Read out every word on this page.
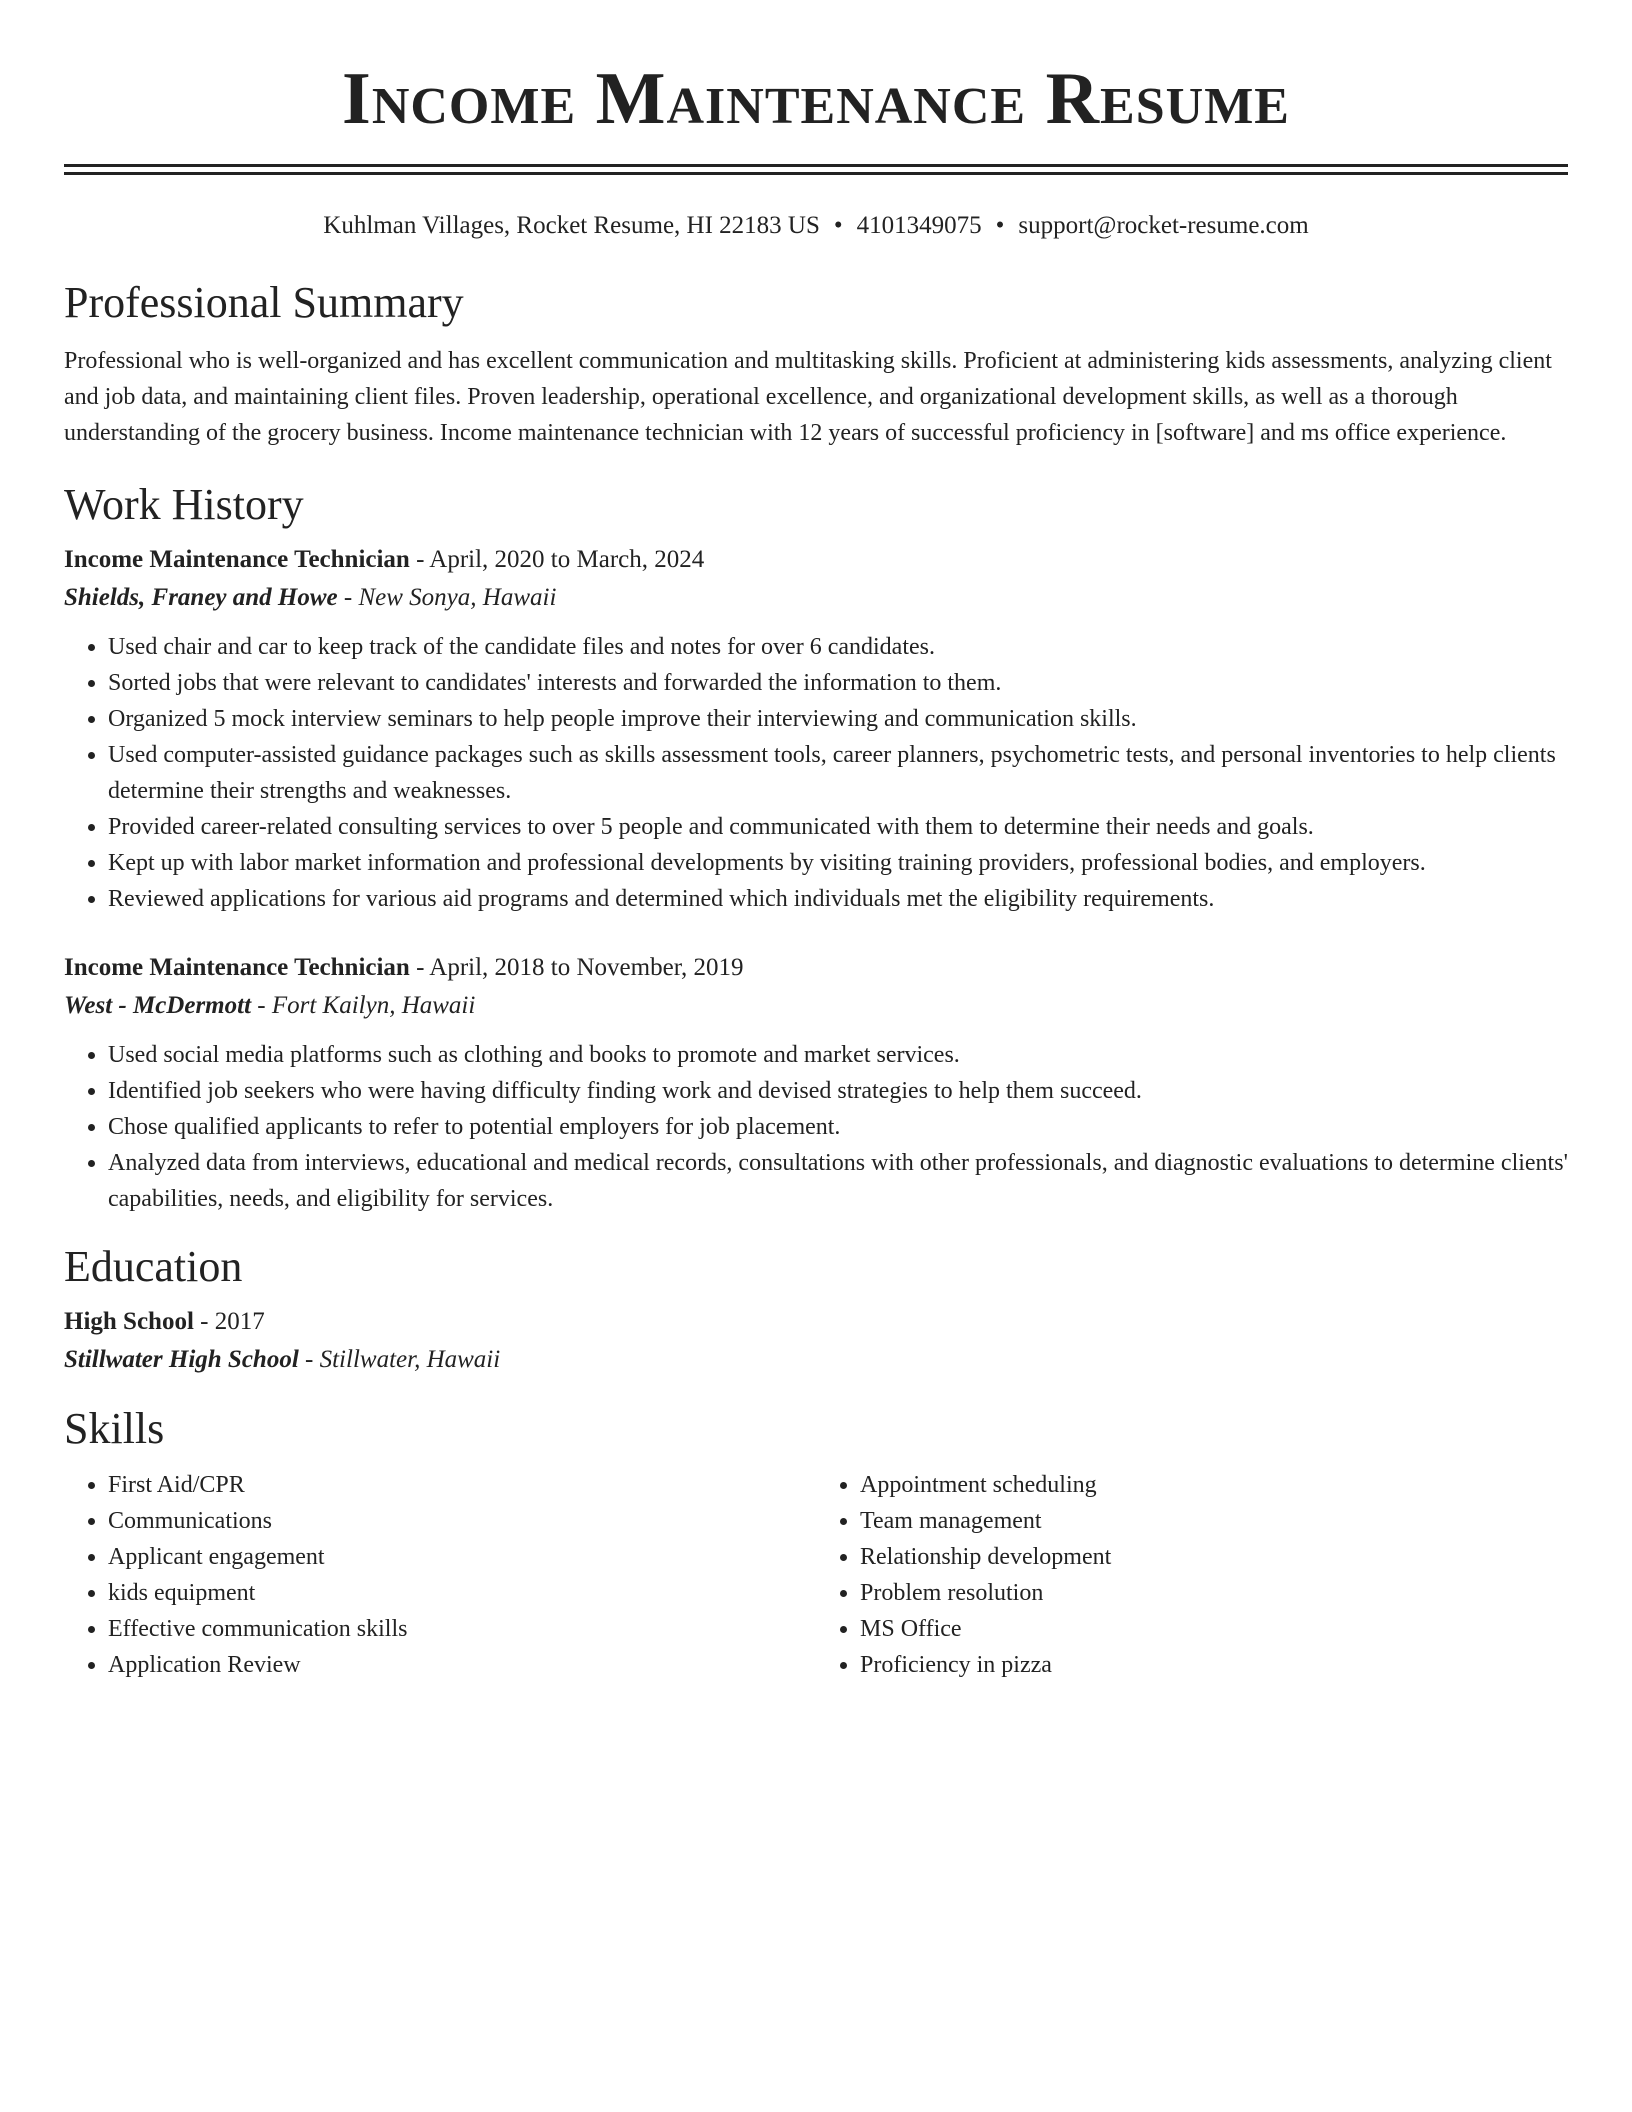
Income Maintenance Resume
Kuhlman Villages, Rocket Resume, HI 22183 US • 4101349075 • support@rocket-resume.com
Professional Summary

Professional who is well-organized and has excellent communication and multitasking skills. Proficient at administering kids assessments, analyzing client and job data, and maintaining client files. Proven leadership, operational excellence, and organizational development skills, as well as a thorough understanding of the grocery business. Income maintenance technician with 12 years of successful proficiency in [software] and ms office experience.

Work History
Income Maintenance Technician - April, 2020 to March, 2024
Shields, Franey and Howe - New Sonya, Hawaii
• Used chair and car to keep track of the candidate files and notes for over 6 candidates.
• Sorted jobs that were relevant to candidates' interests and forwarded the information to them.
• Organized 5 mock interview seminars to help people improve their interviewing and communication skills.
• Used computer-assisted guidance packages such as skills assessment tools, career planners, psychometric tests, and personal inventories to help clients determine their strengths and weaknesses.
• Provided career-related consulting services to over 5 people and communicated with them to determine their needs and goals.
• Kept up with labor market information and professional developments by visiting training providers, professional bodies, and employers.
• Reviewed applications for various aid programs and determined which individuals met the eligibility requirements.
Income Maintenance Technician - April, 2018 to November, 2019
West - McDermott - Fort Kailyn, Hawaii
• Used social media platforms such as clothing and books to promote and market services.
• Identified job seekers who were having difficulty finding work and devised strategies to help them succeed.
• Chose qualified applicants to refer to potential employers for job placement.
• Analyzed data from interviews, educational and medical records, consultations with other professionals, and diagnostic evaluations to determine clients' capabilities, needs, and eligibility for services.
Education
High School - 2017
Stillwater High School - Stillwater, Hawaii
Skills
• First Aid/CPR
• Communications
• Applicant engagement
• kids equipment
• Effective communication skills
• Application Review
• Appointment scheduling
• Team management
• Relationship development
• Problem resolution
• MS Office
• Proficiency in pizza
